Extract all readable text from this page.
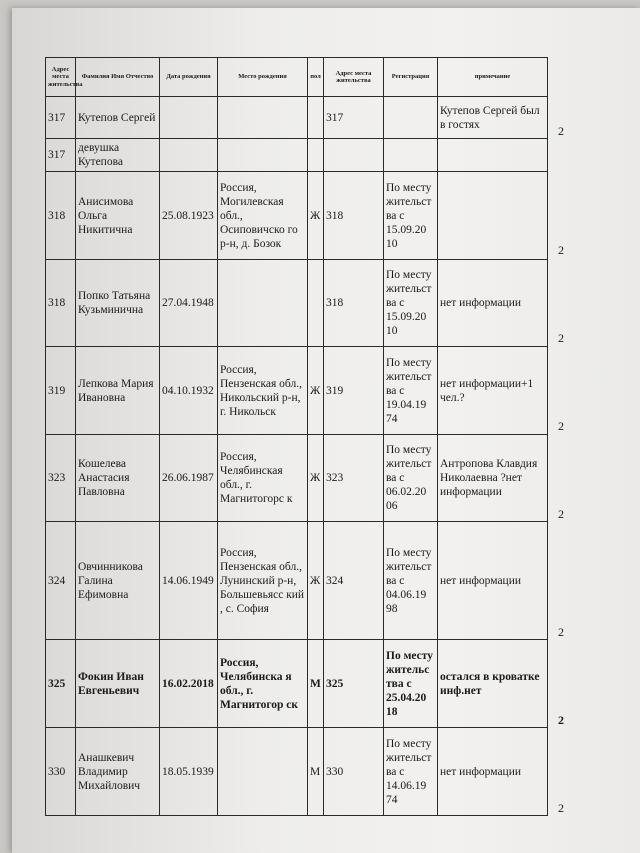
Адрес места жительства	Фамилия Имя Отчество	Дата рождения	Место рождения	пол	Адрес места жительства	Регистрация	примечание
317	Кутепов Сергей				317		Кутепов Сергей был в гостях
317	девушка Кутепова						
318	Анисимова Ольга Никитична	25.08.1923	Россия, Могилевская обл., Осиповичско го р-н, д. Бозок	Ж	318	По месту жительст ва с 15.09.20 10	
318	Попко Татьяна Кузьминична	27.04.1948			318	По месту жительст ва с 15.09.20 10	нет информации
319	Лепкова Мария Ивановна	04.10.1932	Россия, Пензенская обл., Никольский р-н, г. Никольск	Ж	319	По месту жительст ва с 19.04.19 74	нет информации+1 чел.?
323	Кошелева Анастасия Павловна	26.06.1987	Россия, Челябинская обл., г. Магнитогорс к	Ж	323	По месту жительст ва с 06.02.20 06	Антропова Клавдия Николаевна ?нет информации
324	Овчинникова Галина Ефимовна	14.06.1949	Россия, Пензенская обл., Лунинский р-н, Большевьясс кий , с. София	Ж	324	По месту жительст ва с 04.06.19 98	нет информации
325	Фокин Иван Евгеньевич	16.02.2018	Россия, Челябинска я обл., г. Магнитогор ск	М	325	По месту жительс тва с 25.04.20 18	остался в кроватке инф.нет
330	Анашкевич Владимир Михайлович	18.05.1939		М	330	По месту жительст ва с 14.06.19 74	нет информации
2
2
2
2
2
2
2
2
